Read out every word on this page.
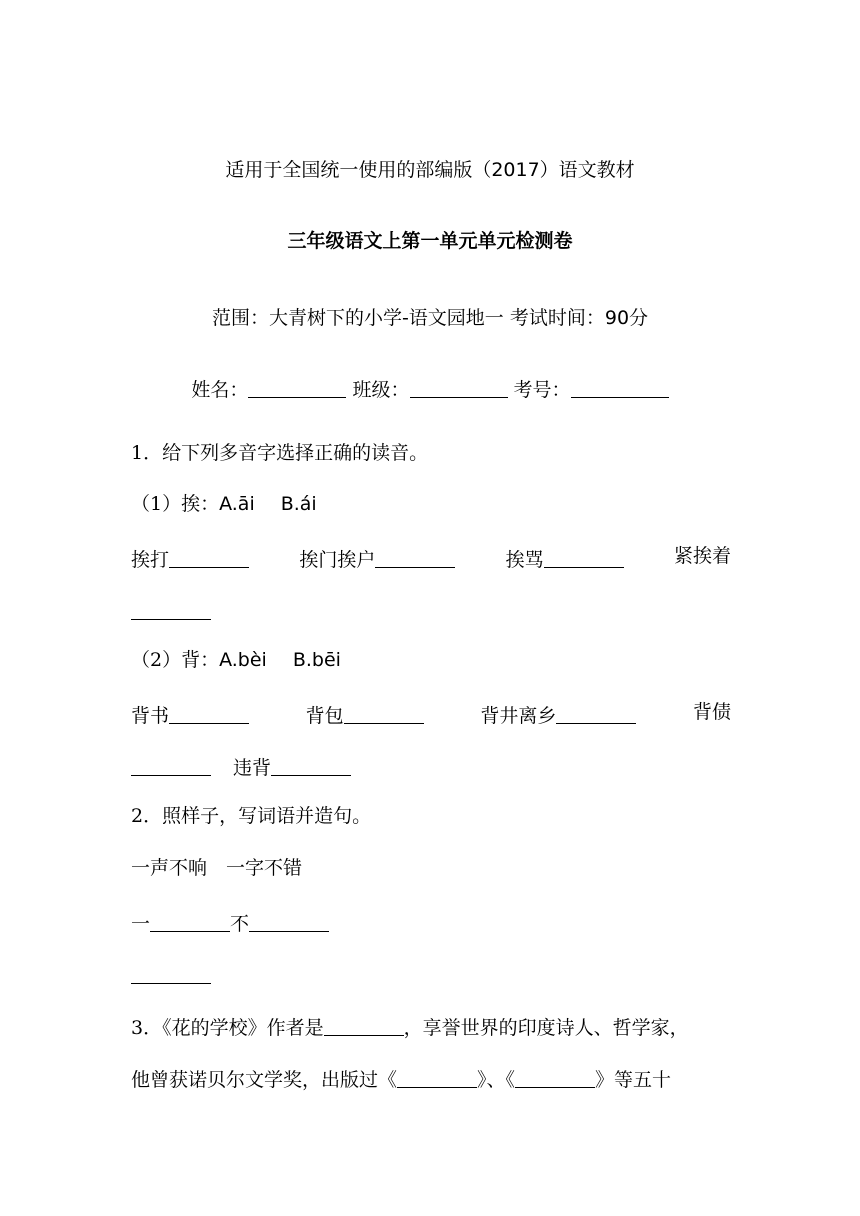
适用于全国统一使用的部编版（2017）语文教材
三年级语文上第一单元单元检测卷
范围：大青树下的小学-语文园地一 考试时间：90分
姓名：	班级：	考号：
1．给下列多音字选择正确的读音。
（1）挨：A.āi B.ái
挨打	挨门挨户	挨骂	紧挨着
（2）背：A.bèi B.bēi
背书	背包	背井离乡	背债
违背
2．照样子，写词语并造句。
一声不响　一字不错
一	不
3．《花的学校》作者是	，享誉世界的印度诗人、哲学家，
他曾获诺贝尔文学奖，出版过《	》、《	》等五十
